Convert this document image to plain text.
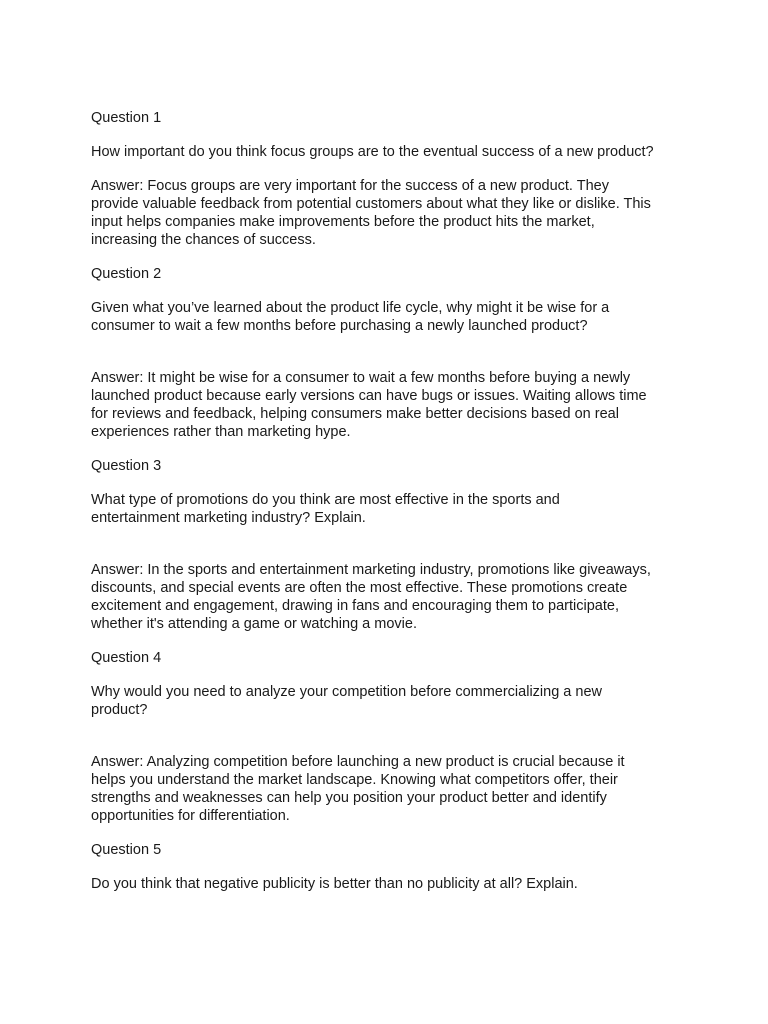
Question 1

How important do you think focus groups are to the eventual success of a new product?

Answer: Focus groups are very important for the success of a new product. They
provide valuable feedback from potential customers about what they like or dislike. This
input helps companies make improvements before the product hits the market,
increasing the chances of success.

Question 2

Given what you’ve learned about the product life cycle, why might it be wise for a
consumer to wait a few months before purchasing a newly launched product?

Answer: It might be wise for a consumer to wait a few months before buying a newly
launched product because early versions can have bugs or issues. Waiting allows time
for reviews and feedback, helping consumers make better decisions based on real
experiences rather than marketing hype.

Question 3

What type of promotions do you think are most effective in the sports and
entertainment marketing industry? Explain.

Answer: In the sports and entertainment marketing industry, promotions like giveaways,
discounts, and special events are often the most effective. These promotions create
excitement and engagement, drawing in fans and encouraging them to participate,
whether it's attending a game or watching a movie.

Question 4

Why would you need to analyze your competition before commercializing a new
product?

Answer: Analyzing competition before launching a new product is crucial because it
helps you understand the market landscape. Knowing what competitors offer, their
strengths and weaknesses can help you position your product better and identify
opportunities for differentiation.

Question 5

Do you think that negative publicity is better than no publicity at all? Explain.
